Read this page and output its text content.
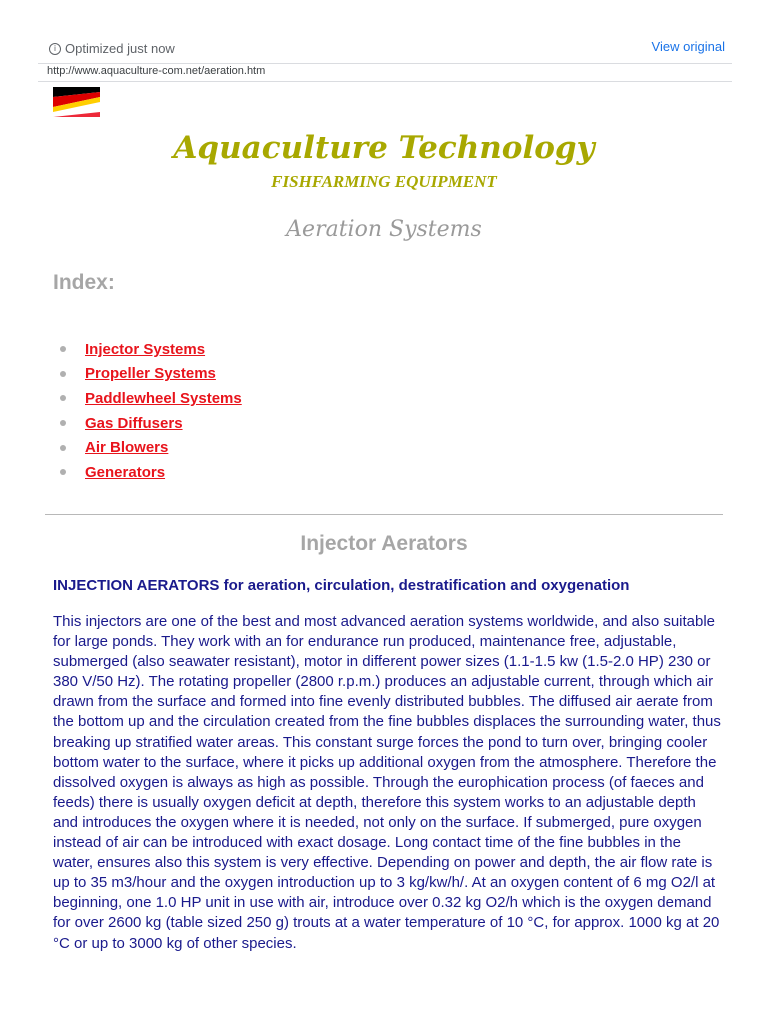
i Optimized just now	View original
http://www.aquaculture-com.net/aeration.htm
Aquaculture Technology
FISHFARMING EQUIPMENT
Aeration Systems
Index:
Injector Systems
Propeller Systems
Paddlewheel Systems
Gas Diffusers
Air Blowers
Generators
Injector Aerators
INJECTION AERATORS for aeration, circulation, destratification and oxygenation

This injectors are one of the best and most advanced aeration systems worldwide, and also suitable for large ponds. They work with an for endurance run produced, maintenance free, adjustable, submerged (also seawater resistant), motor in different power sizes (1.1-1.5 kw (1.5-2.0 HP) 230 or 380 V/50 Hz). The rotating propeller (2800 r.p.m.) produces an adjustable current, through which air drawn from the surface and formed into fine evenly distributed bubbles. The diffused air aerate from the bottom up and the circulation created from the fine bubbles displaces the surrounding water, thus breaking up stratified water areas. This constant surge forces the pond to turn over, bringing cooler bottom water to the surface, where it picks up additional oxygen from the atmosphere. Therefore the dissolved oxygen is always as high as possible. Through the europhication process (of faeces and feeds) there is usually oxygen deficit at depth, therefore this system works to an adjustable depth and introduces the oxygen where it is needed, not only on the surface. If submerged, pure oxygen instead of air can be introduced with exact dosage. Long contact time of the fine bubbles in the water, ensures also this system is very effective. Depending on power and depth, the air flow rate is up to 35 m3/hour and the oxygen introduction up to 3 kg/kw/h/. At an oxygen content of 6 mg O2/l at beginning, one 1.0 HP unit in use with air, introduce over 0.32 kg O2/h which is the oxygen demand for over 2600 kg (table sized 250 g) trouts at a water temperature of 10 °C, for approx. 1000 kg at 20 °C or up to 3000 kg of other species.
